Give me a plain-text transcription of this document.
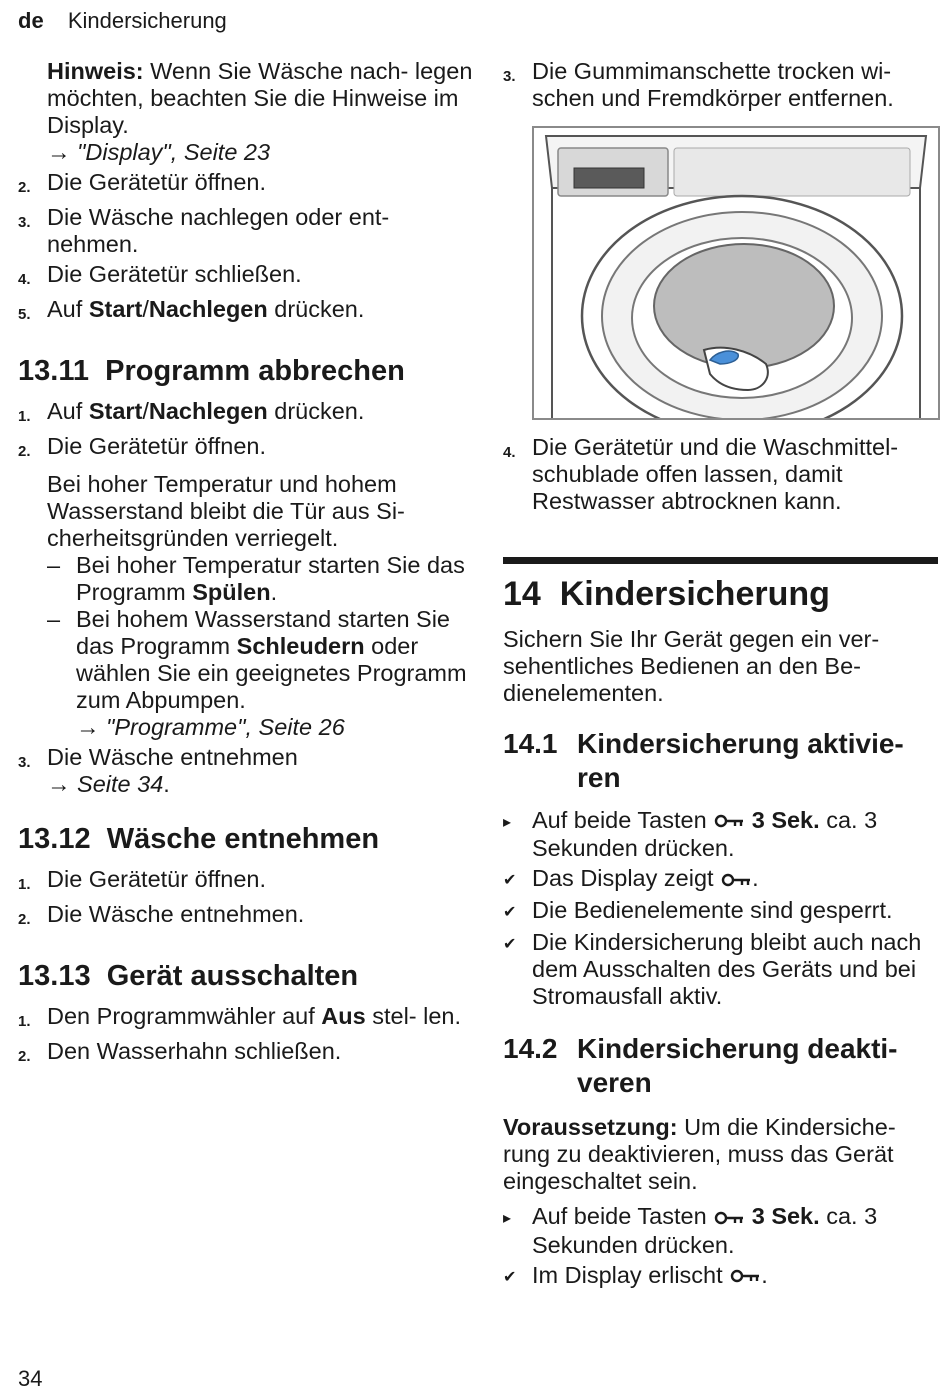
de Kindersicherung

Hinweis: Wenn Sie Wäsche nach- legen möchten, beachten Sie die Hinweise im Display.

→ "Display", Seite 23

2. Die Gerätetür öffnen.
3. Die Wäsche nachlegen oder ent- nehmen.
4. Die Gerätetür schließen.
5. Auf Start/Nachlegen drücken.
13.11 Programm abbrechen
1. Auf Start/Nachlegen drücken.
2. Die Gerätetür öffnen.

Bei hoher Temperatur und hohem Wasserstand bleibt die Tür aus Si- cherheitsgründen verriegelt.

– Bei hoher Temperatur starten Sie das Programm Spülen.
– Bei hohem Wasserstand starten Sie das Programm Schleudern oder wählen Sie ein geeignetes Programm zum Abpumpen.
→ "Programme", Seite 26
3. Die Wäsche entnehmen
→ Seite 34.
13.12 Wäsche entnehmen
1. Die Gerätetür öffnen.
2. Die Wäsche entnehmen.
13.13 Gerät ausschalten
1. Den Programmwähler auf Aus stel- len.
2. Den Wasserhahn schließen.
3. Die Gummimanschette trocken wi- schen und Fremdkörper entfernen.
4. Die Gerätetür und die Waschmittel- schublade offen lassen, damit Restwasser abtrocknen kann.
14 Kindersicherung

Sichern Sie Ihr Gerät gegen ein ver- sehentliches Bedienen an den Be- dienelementen.

14.1 Kindersicherung aktivie- ren
▸ Auf beide Tasten  3 Sek. ca. 3 Sekunden drücken.
✔ Das Display zeigt .
✔ Die Bedienelemente sind gesperrt.
✔ Die Kindersicherung bleibt auch nach dem Ausschalten des Geräts und bei Stromausfall aktiv.
14.2 Kindersicherung deakti- veren

Voraussetzung: Um die Kindersiche- rung zu deaktivieren, muss das Gerät eingeschaltet sein.

▸ Auf beide Tasten  3 Sek. ca. 3 Sekunden drücken.
✔ Im Display erlischt .
34
